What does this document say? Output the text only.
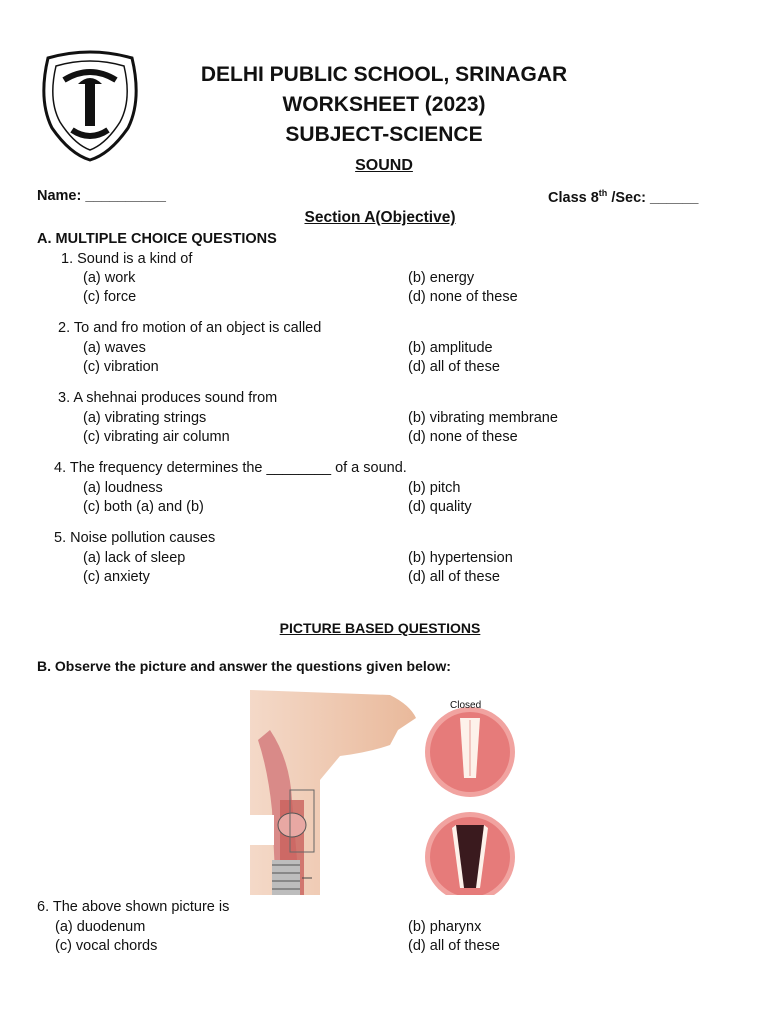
DELHI PUBLIC SCHOOL, SRINAGAR
WORKSHEET (2023)
SUBJECT-SCIENCE
SOUND
Name: __________	Class 8th /Sec: ______
Section A(Objective)
A. MULTIPLE CHOICE QUESTIONS
1. Sound is a kind of
(a) work	(b) energy
(c) force	(d) none of these
2. To and fro motion of an object is called
(a) waves	(b) amplitude
(c) vibration	(d) all of these
3. A shehnai produces sound from
(a) vibrating strings	(b) vibrating membrane
(c) vibrating air column	(d) none of these
4. The frequency determines the ________ of a sound.
(a) loudness	(b) pitch
(c) both (a) and (b)	(d) quality
5. Noise pollution causes
(a) lack of sleep	(b) hypertension
(c) anxiety	(d) all of these
PICTURE BASED QUESTIONS
B. Observe the picture and answer the questions given below:
Closed
6. The above shown picture is
(a) duodenum	(b) pharynx
(c) vocal chords	(d) all of these
